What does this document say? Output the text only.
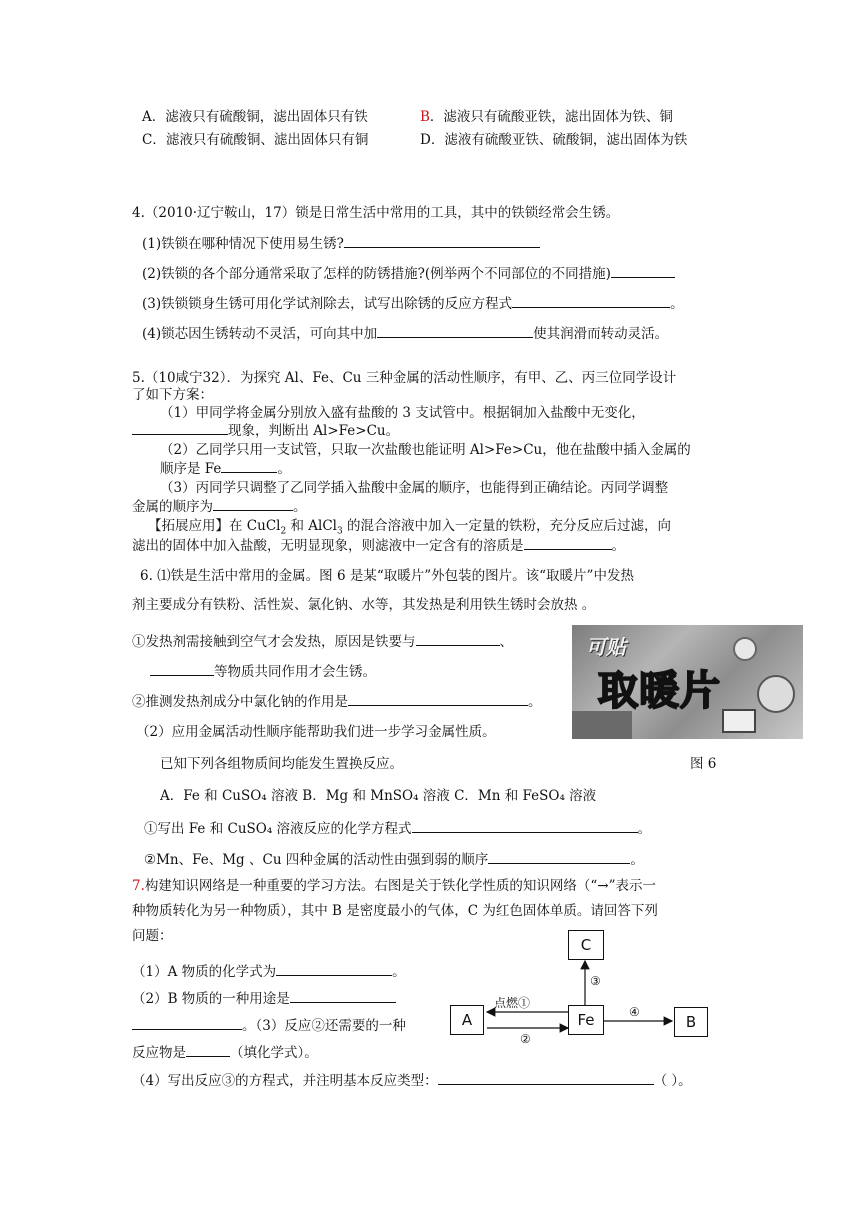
A．滤液只有硫酸铜，滤出固体只有铁	B．滤液只有硫酸亚铁，滤出固体为铁、铜
C．滤液只有硫酸铜、滤出固体只有铜	D．滤液有硫酸亚铁、硫酸铜，滤出固体为铁
4.（2010·辽宁鞍山，17）锁是日常生活中常用的工具，其中的铁锁经常会生锈。
(1)铁锁在哪种情况下使用易生锈?
(2)铁锁的各个部分通常采取了怎样的防锈措施?(例举两个不同部位的不同措施)
(3)铁锁锁身生锈可用化学试剂除去，试写出除锈的反应方程式	。
(4)锁芯因生锈转动不灵活，可向其中加	使其润滑而转动灵活。
5.（10咸宁32）．为探究 Al、Fe、Cu 三种金属的活动性顺序，有甲、乙、丙三位同学设计
了如下方案：
（1）甲同学将金属分别放入盛有盐酸的 3 支试管中。根据铜加入盐酸中无变化，
现象，判断出 Al>Fe>Cu。
（2）乙同学只用一支试管，只取一次盐酸也能证明 Al>Fe>Cu，他在盐酸中插入金属的
顺序是 Fe	。
（3）丙同学只调整了乙同学插入盐酸中金属的顺序，也能得到正确结论。丙同学调整
金属的顺序为	。
【拓展应用】在 CuCl$_2$ 和 AlCl$_3$ 的混合溶液中加入一定量的铁粉，充分反应后过滤，向
滤出的固体中加入盐酸，无明显现象，则滤液中一定含有的溶质是	。
6. ⑴铁是生活中常用的金属。图 6 是某“取暖片”外包装的图片。该“取暖片”中发热
剂主要成分有铁粉、活性炭、氯化钠、水等，其发热是利用铁生锈时会放热 。
①发热剂需接触到空气才会发热，原因是铁要与	、
等物质共同作用才会生锈。
②推测发热剂成分中氯化钠的作用是	。
（2）应用金属活动性顺序能帮助我们进一步学习金属性质。
已知下列各组物质间均能发生置换反应。
可贴
取暖片
图 6
A．Fe 和 CuSO₄ 溶液 B．Mg 和 MnSO₄ 溶液 C．Mn 和 FeSO₄ 溶液
①写出 Fe 和 CuSO₄ 溶液反应的化学方程式	。
②Mn、Fe、Mg 、Cu 四种金属的活动性由强到弱的顺序	。
7.构建知识网络是一种重要的学习方法。右图是关于铁化学性质的知识网络（“→”表示一
种物质转化为另一种物质），其中 B 是密度最小的气体，C 为红色固体单质。请回答下列
问题：
（1）A 物质的化学式为	。
（2）B 物质的一种用途是
。（3）反应②还需要的一种
反应物是	（填化学式）。
（4）写出反应③的方程式，并注明基本反应类型：	（ ）。
A	Fe	B
C
点燃①
②
③
④
